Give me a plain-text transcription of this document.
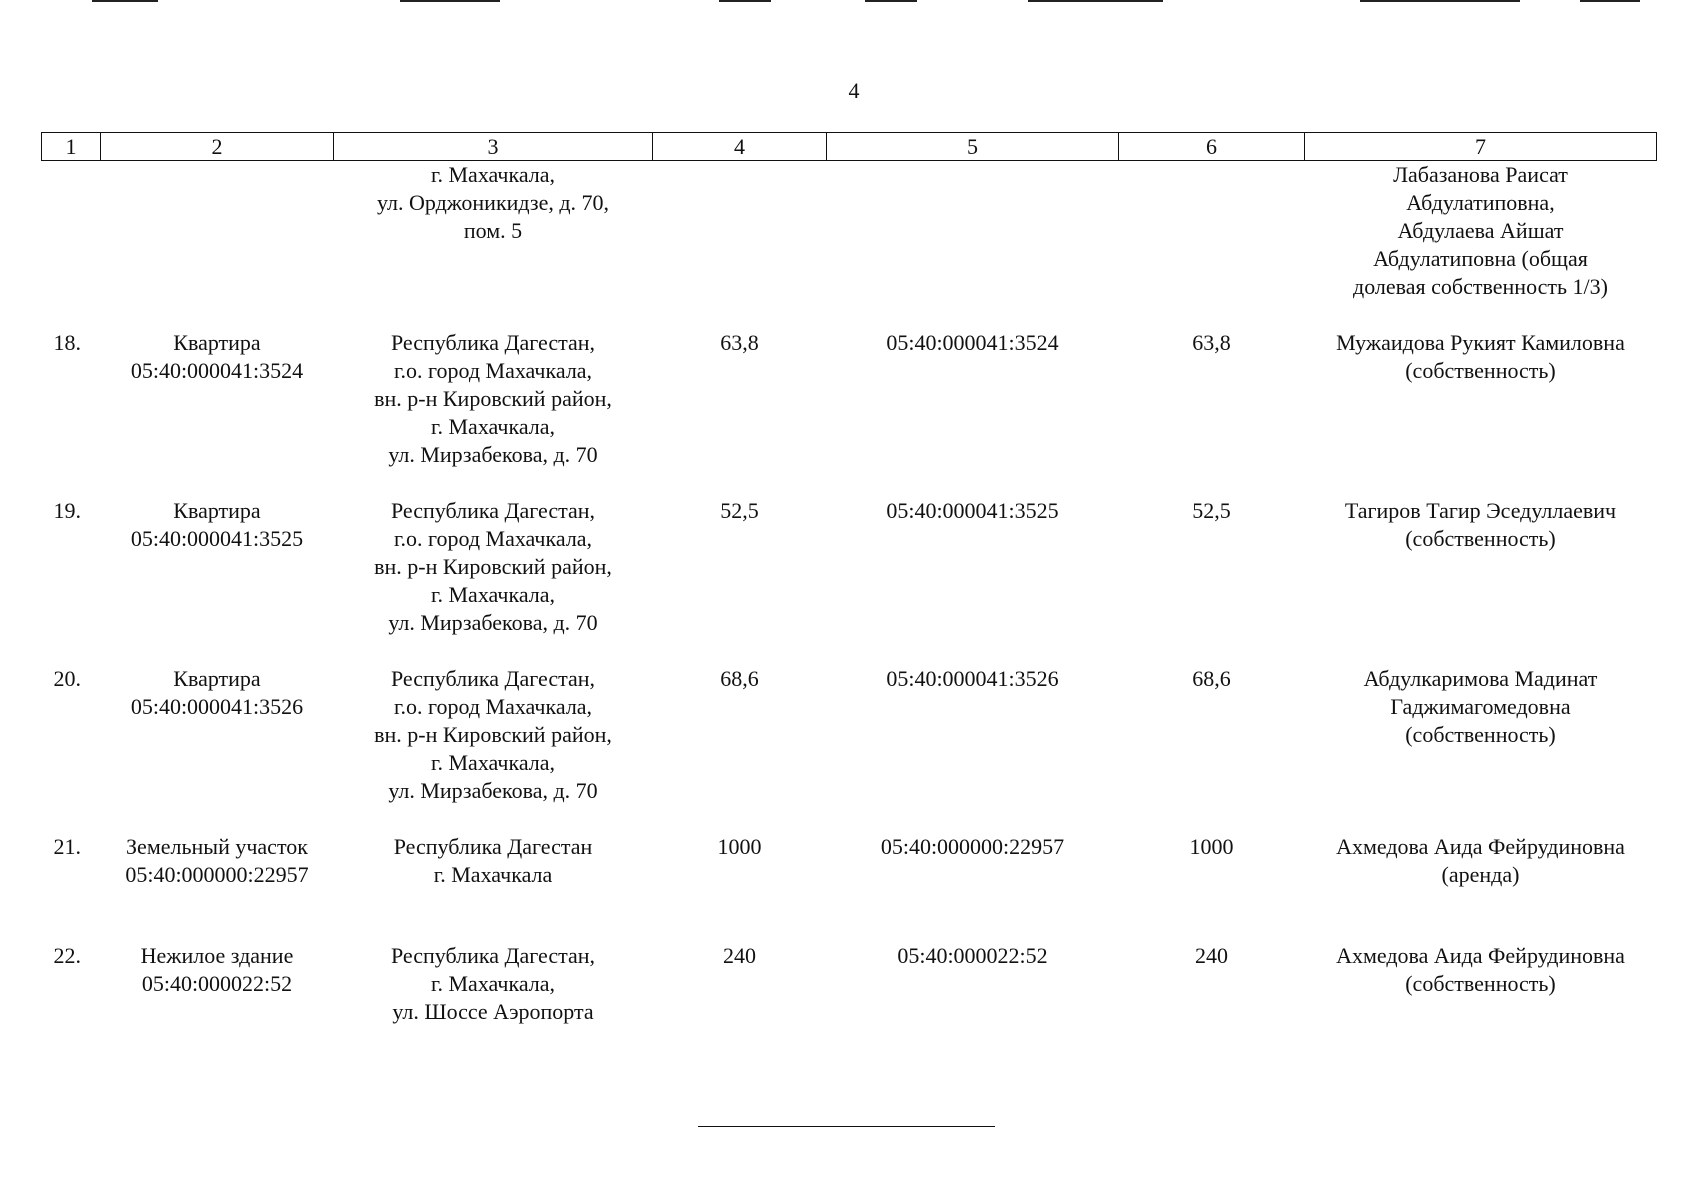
4
1	2	3	4	5	6	7
		г. Махачкала,
ул. Орджоникидзе, д. 70,
пом. 5				Лабазанова Раисат
Абдулатиповна,
Абдулаева Айшат
Абдулатиповна (общая
долевая собственность 1/3)
18.	Квартира
05:40:000041:3524	Республика Дагестан,
г.о. город Махачкала,
вн. р-н Кировский район,
г. Махачкала,
ул. Мирзабекова, д. 70	63,8	05:40:000041:3524	63,8	Мужаидова Рукият Камиловна
(собственность)
19.	Квартира
05:40:000041:3525	Республика Дагестан,
г.о. город Махачкала,
вн. р-н Кировский район,
г. Махачкала,
ул. Мирзабекова, д. 70	52,5	05:40:000041:3525	52,5	Тагиров Тагир Эседуллаевич
(собственность)
20.	Квартира
05:40:000041:3526	Республика Дагестан,
г.о. город Махачкала,
вн. р-н Кировский район,
г. Махачкала,
ул. Мирзабекова, д. 70	68,6	05:40:000041:3526	68,6	Абдулкаримова Мадинат
Гаджимагомедовна
(собственность)
21.	Земельный участок
05:40:000000:22957	Республика Дагестан
г. Махачкала	1000	05:40:000000:22957	1000	Ахмедова Аида Фейрудиновна
(аренда)
22.	Нежилое здание
05:40:000022:52	Республика Дагестан,
г. Махачкала,
ул. Шоссе Аэропорта	240	05:40:000022:52	240	Ахмедова Аида Фейрудиновна
(собственность)
